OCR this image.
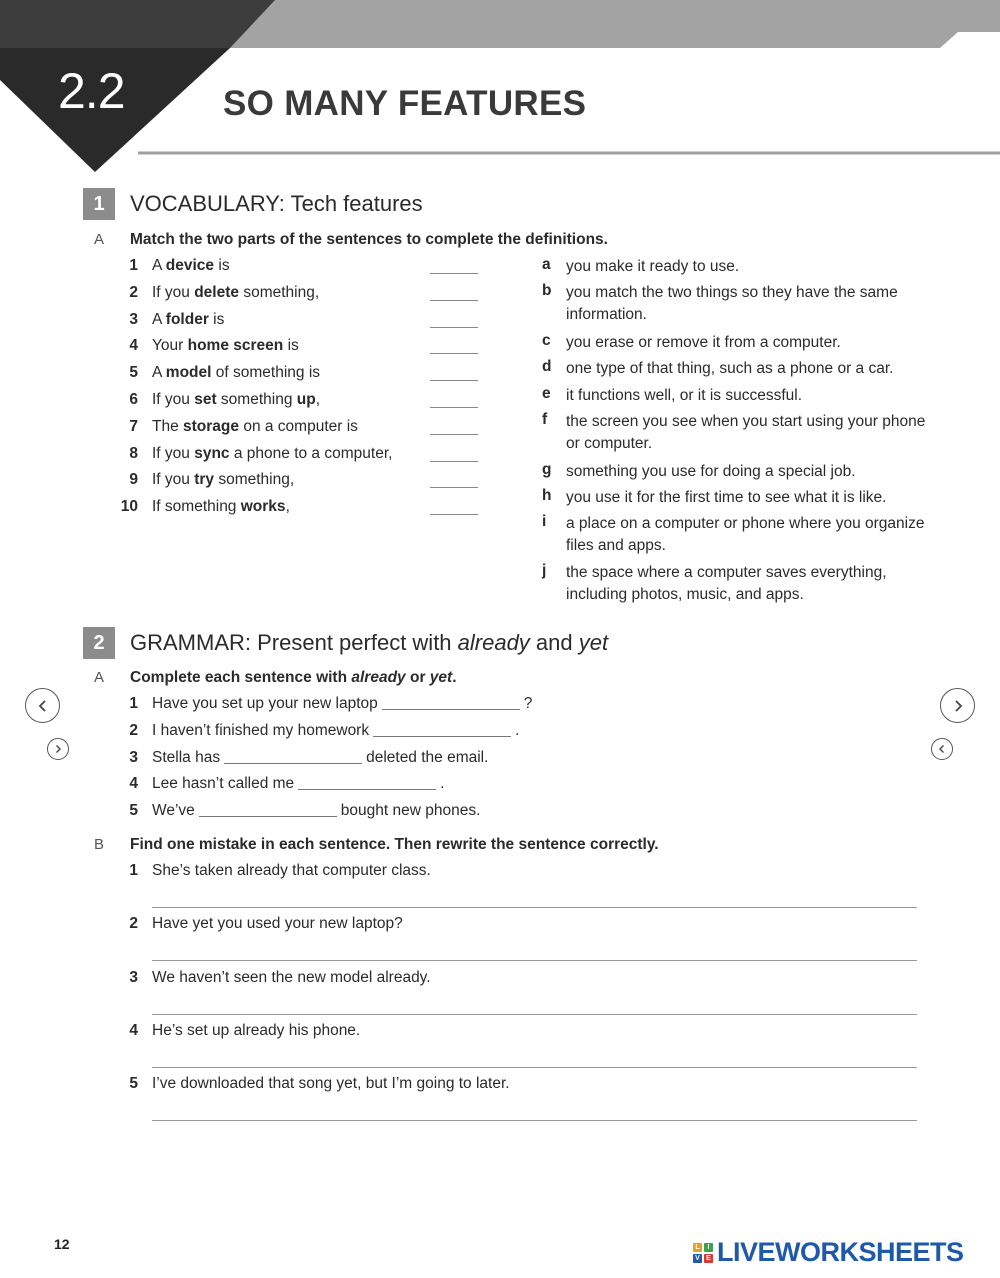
2.2	SO MANY FEATURES
1	VOCABULARY: Tech features
A Match the two parts of the sentences to complete the definitions.
1 A device is
2 If you delete something,
3 A folder is
4 Your home screen is
5 A model of something is
6 If you set something up,
7 The storage on a computer is
8 If you sync a phone to a computer,
9 If you try something,
10 If something works,
a you make it ready to use.
b you match the two things so they have the same information.
c you erase or remove it from a computer.
d one type of that thing, such as a phone or a car.
e it functions well, or it is successful.
f	the screen you see when you start using your phone or computer.
g something you use for doing a special job.
h you use it for the first time to see what it is like.
i	a place on a computer or phone where you organize files and apps.
j	the space where a computer saves everything, including photos, music, and apps.
2	GRAMMAR: Present perfect with already and yet
A Complete each sentence with already or yet.
1 Have you set up your new laptop	?
2 I haven’t finished my homework	.
3 Stella has	deleted the email.
4 Lee hasn’t called me	.
5 We’ve	bought new phones.
B Find one mistake in each sentence. Then rewrite the sentence correctly.
1 She’s taken already that computer class.
2 Have yet you used your new laptop?
3 We haven’t seen the new model already.
4 He’s set up already his phone.
5 I’ve downloaded that song yet, but I’m going to later.
12	L	I
V E LIVEWORKSHEETS
